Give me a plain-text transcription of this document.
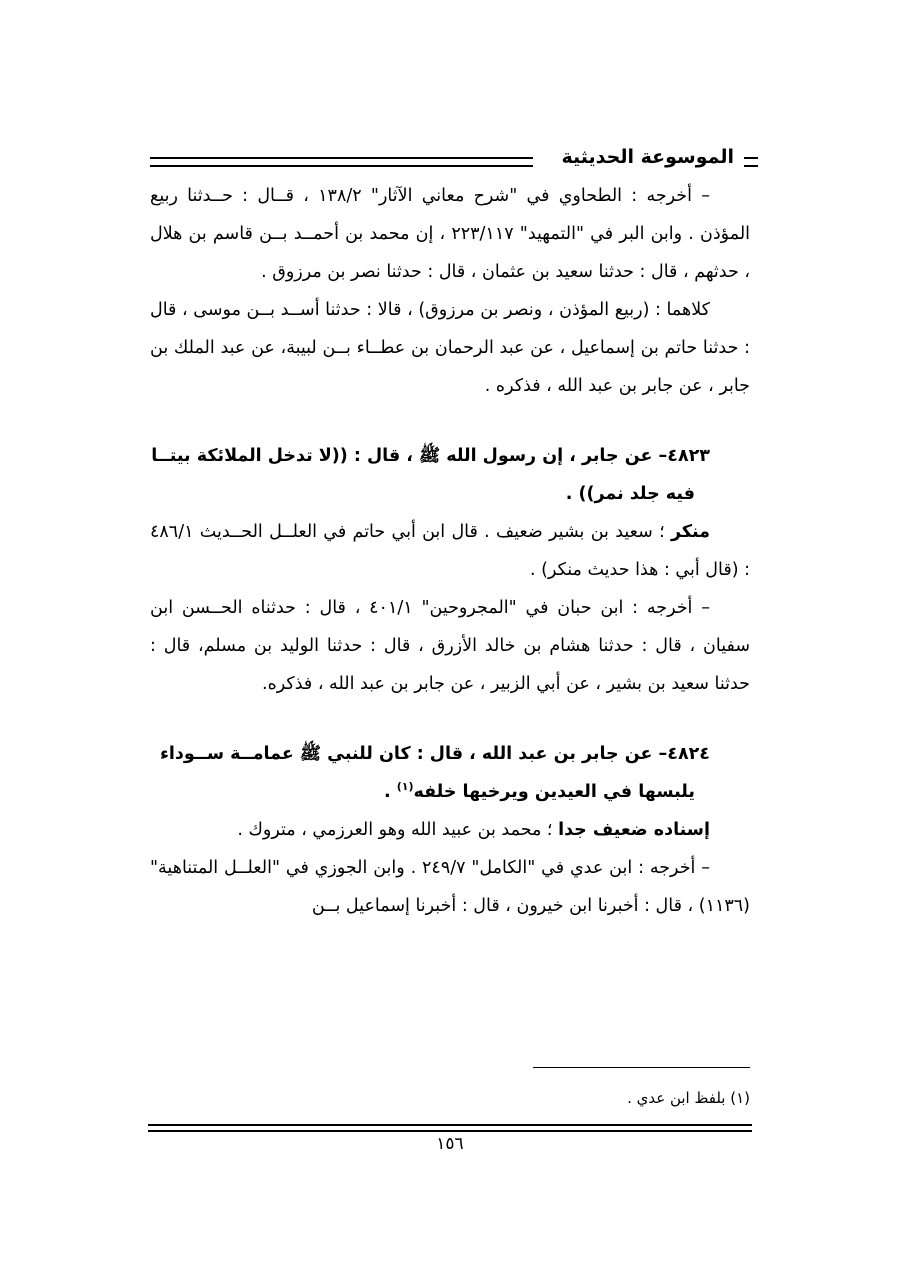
الموسوعة الحديثية

– أخرجه : الطحاوي في "شرح معاني الآثار" ١٣٨/٢ ، قــال : حــدثنا ربيع المؤذن . وابن البر في "التمهيد" ٢٢٣/١١٧ ، إن محمد بن أحمــد بــن قاسم بن هلال ، حدثهم ، قال : حدثنا سعيد بن عثمان ، قال : حدثنا نصر بن مرزوق .

كلاهما : (ربيع المؤذن ، ونصر بن مرزوق) ، قالا : حدثنا أســد بــن موسى ، قال : حدثنا حاتم بن إسماعيل ، عن عبد الرحمان بن عطــاء بــن لبيبة، عن عبد الملك بن جابر ، عن جابر بن عبد الله ، فذكره .

٤٨٢٣– عن جابر ، إن رسول الله ﷺ ، قال : ((لا تدخل الملائكة بيتــا

فيه جلد نمر)) .

منكر ؛ سعيد بن بشير ضعيف . قال ابن أبي حاتم في العلــل الحــديث ٤٨٦/١ : (قال أبي : هذا حديث منكر) .

– أخرجه : ابن حبان في "المجروحين" ٤٠١/١ ، قال : حدثناه الحــسن ابن سفيان ، قال : حدثنا هشام بن خالد الأزرق ، قال : حدثنا الوليد بن مسلم، قال : حدثنا سعيد بن بشير ، عن أبي الزبير ، عن جابر بن عبد الله ، فذكره.

٤٨٢٤– عن جابر بن عبد الله ، قال : كان للنبي ﷺ عمامــة ســوداء

يلبسها في العيدين ويرخيها خلفه$^{(١)}$ .

إسناده ضعيف جدا ؛ محمد بن عبيد الله وهو العرزمي ، متروك .

– أخرجه : ابن عدي في "الكامل" ٢٤٩/٧ . وابن الجوزي في "العلــل المتناهية" (١١٣٦) ، قال : أخبرنا ابن خيرون ، قال : أخبرنا إسماعيل بــن

(١) بلفظ ابن عدي .
١٥٦
